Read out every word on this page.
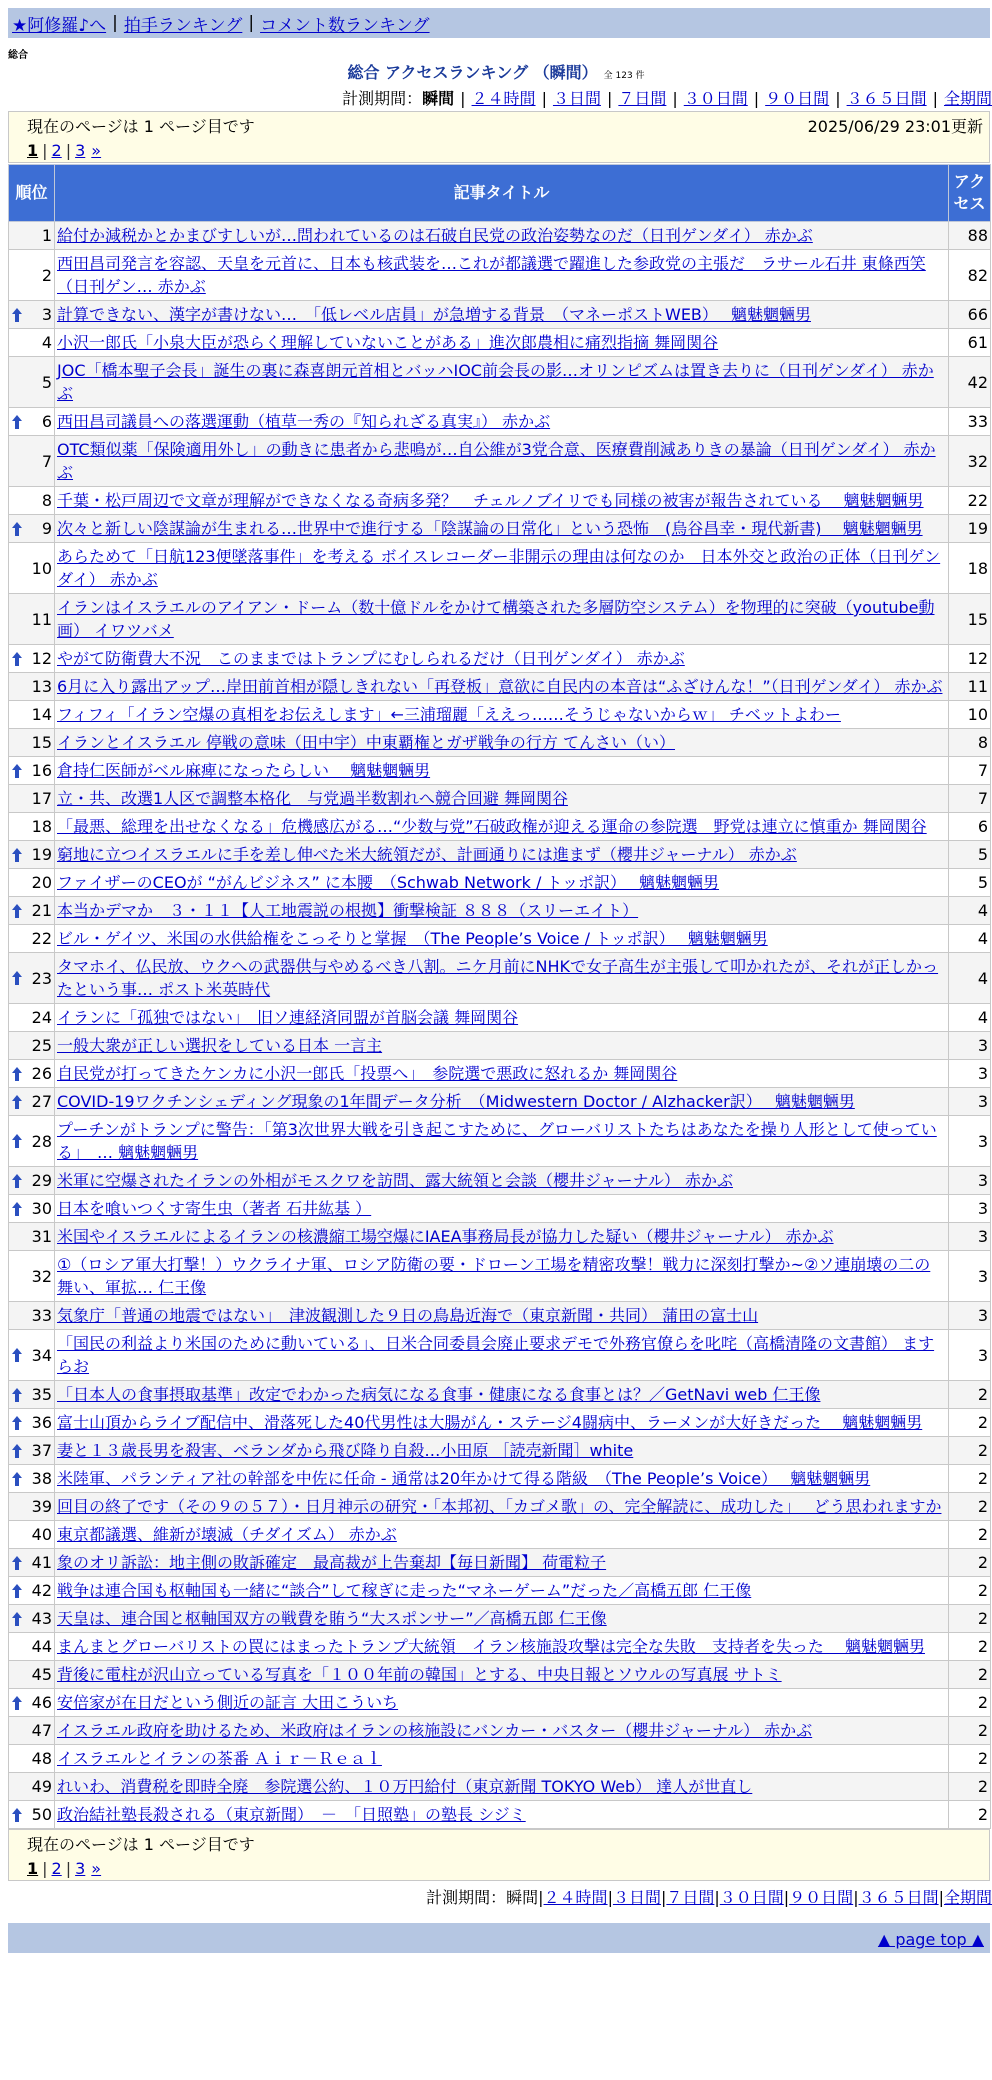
★阿修羅♪へ | 拍手ランキング | コメント数ランキング
総合
総合 アクセスランキング （瞬間） 全 123 件
計測期間：瞬間 | ２４時間 | ３日間 | ７日間 | ３０日間 | ９０日間 | ３６５日間 | 全期間
現在のページは 1 ページ目です	2025/06/29 23:01更新
1 | 2 | 3 »
順位	記事タイトル	アクセス
1	給付か減税かとかまびすしいが…問われているのは石破自民党の政治姿勢なのだ（日刊ゲンダイ） 赤かぶ	88
2	西田昌司発言を容認、天皇を元首に、日本も核武装を…これが都議選で躍進した参政党の主張だ　ラサール石井 東條西笑（日刊ゲン… 赤かぶ	82

3	計算できない、漢字が書けない…　「低レベル店員」が急増する背景　（マネーポストWEB）　 魑魅魍魎男	66
4	小沢一郎氏「小泉大臣が恐らく理解していないことがある」進次郎農相に痛烈指摘 舞岡関谷	61
5	JOC「橋本聖子会長」誕生の裏に森喜朗元首相とバッハIOC前会長の影…オリンピズムは置き去りに（日刊ゲンダイ） 赤かぶ	42

6	西田昌司議員への落選運動（植草一秀の『知られざる真実』） 赤かぶ	33
7	OTC類似薬「保険適用外し」の動きに患者から悲鳴が…自公維が3党合意、医療費削減ありきの暴論（日刊ゲンダイ） 赤かぶ	32
8	千葉・松戸周辺で文章が理解ができなくなる奇病多発？　チェルノブイリでも同様の被害が報告されている　 魑魅魍魎男	22

9	次々と新しい陰謀論が生まれる…世界中で進行する「陰謀論の日常化」という恐怖　(烏谷昌幸・現代新書)　 魑魅魍魎男	19
10	あらためて「日航123便墜落事件」を考える ボイスレコーダー非開示の理由は何なのか　日本外交と政治の正体（日刊ゲンダイ） 赤かぶ	18
11	イランはイスラエルのアイアン・ドーム（数十億ドルをかけて構築された多層防空システム）を物理的に突破（youtube動画） イワツバメ	15

12	やがて防衛費大不況　このままではトランプにむしられるだけ（日刊ゲンダイ） 赤かぶ	12
13	6月に入り露出アップ…岸田前首相が隠しきれない「再登板」意欲に自民内の本音は“ふざけんな！”（日刊ゲンダイ） 赤かぶ	11
14	フィフィ「イラン空爆の真相をお伝えします」←三浦瑠麗「ええっ……そうじゃないからｗ」 チベットよわー	10
15	イランとイスラエル 停戦の意味（田中宇）中東覇権とガザ戦争の行方 てんさい（い）	8

16	倉持仁医師がベル麻痺になったらしい　 魑魅魍魎男	7
17	立・共、改選1人区で調整本格化　与党過半数割れへ競合回避 舞岡関谷	7
18	「最悪、総理を出せなくなる」危機感広がる…“少数与党”石破政権が迎える運命の参院選　野党は連立に慎重か 舞岡関谷	6

19	窮地に立つイスラエルに手を差し伸べた米大統領だが、計画通りには進まず（櫻井ジャーナル） 赤かぶ	5
20	ファイザーのCEOが “がんビジネス” に本腰　（Schwab Network / トッポ訳）　 魑魅魍魎男	5

21	本当かデマか　３・１１【人工地震説の根拠】衝撃検証 ８８８（スリーエイト）	4
22	ビル・ゲイツ、米国の水供給権をこっそりと掌握　（The People’s Voice / トッポ訳）　 魑魅魍魎男	4

23	タマホイ、仏民放、ウクへの武器供与やめるべき八割。ニケ月前にNHKで女子高生が主張して叩かれたが、それが正しかったという事… ポスト米英時代	4
24	イランに「孤独ではない」　旧ソ連経済同盟が首脳会議 舞岡関谷	4
25	一般大衆が正しい選択をしている日本 一言主	3

26	自民党が打ってきたケンカに小沢一郎氏「投票へ」　参院選で悪政に怒れるか 舞岡関谷	3

27	COVID-19ワクチンシェディング現象の1年間データ分析　（Midwestern Doctor / Alzhacker訳）　 魑魅魍魎男	3

28	プーチンがトランプに警告：「第3次世界大戦を引き起こすために、グローバリストたちはあなたを操り人形として使っている」　… 魑魅魍魎男	3

29	米軍に空爆されたイランの外相がモスクワを訪問、露大統領と会談（櫻井ジャーナル） 赤かぶ	3

30	日本を喰いつくす寄生虫（著者 石井紘基 ）	3
31	米国やイスラエルによるイランの核濃縮工場空爆にIAEA事務局長が協力した疑い（櫻井ジャーナル） 赤かぶ	3
32	①（ロシア軍大打撃！）ウクライナ軍、ロシア防衛の要・ドローン工場を精密攻撃！戦力に深刻打撃か~②ソ連崩壊の二の舞い、軍拡… 仁王像	3
33	気象庁「普通の地震ではない」　津波観測した９日の鳥島近海で（東京新聞・共同） 蒲田の富士山	3

34	「国民の利益より米国のために動いている」、日米合同委員会廃止要求デモで外務官僚らを叱咤（高橋清隆の文書館） ますらお	3

35	「日本人の食事摂取基準」改定でわかった病気になる食事・健康になる食事とは？／GetNavi web 仁王像	2

36	富士山頂からライブ配信中、滑落死した40代男性は大腸がん・ステージ4闘病中、ラーメンが大好きだった　 魑魅魍魎男	2

37	妻と１３歳長男を殺害、ベランダから飛び降り自殺…小田原 ［読売新聞］white	2

38	米陸軍、パランティア社の幹部を中佐に任命 - 通常は20年かけて得る階級　（The People’s Voice）　 魑魅魍魎男	2
39	回目の終了です（その９の５７）・日月神示の研究・「本邦初、「カゴメ歌」の、完全解読に、成功した」　 どう思われますか	2
40	東京都議選、維新が壊滅（チダイズム） 赤かぶ	2

41	象のオリ訴訟：地主側の敗訴確定　最高裁が上告棄却【毎日新聞】 荷電粒子	2

42	戦争は連合国も枢軸国も一緒に“談合”して稼ぎに走った“マネーゲーム”だった／高橋五郎 仁王像	2

43	天皇は、連合国と枢軸国双方の戦費を賄う“大スポンサー”／高橋五郎 仁王像	2
44	まんまとグローバリストの罠にはまったトランプ大統領　イラン核施設攻撃は完全な失敗　支持者を失った　 魑魅魍魎男	2
45	背後に電柱が沢山立っている写真を「１００年前の韓国」とする、中央日報とソウルの写真展 サトミ	2

46	安倍家が在日だという側近の証言 大田こういち	2
47	イスラエル政府を助けるため、米政府はイランの核施設にバンカー・バスター（櫻井ジャーナル） 赤かぶ	2
48	イスラエルとイランの茶番 Ａｉｒ－Ｒｅａｌ	2
49	れいわ、消費税を即時全廃　参院選公約、１０万円給付（東京新聞 TOKYO Web） 達人が世直し	2

50	政治結社塾長殺される（東京新聞）　－　「日照塾」の塾長 シジミ	2
現在のページは 1 ページ目です
1 | 2 | 3 »
計測期間：瞬間|２４時間|３日間|７日間|３０日間|９０日間|３６５日間|全期間
▲ page top ▲
